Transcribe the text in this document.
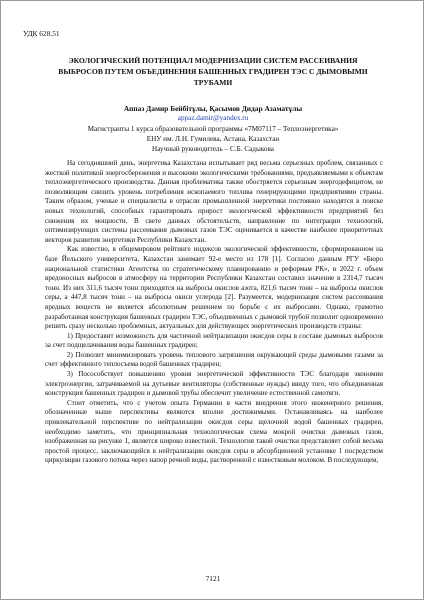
УДК 628.51
ЭКОЛОГИЧЕСКИЙ ПОТЕНЦИАЛ МОДЕРНИЗАЦИИ СИСТЕМ РАССЕИВАНИЯ ВЫБРОСОВ ПУТЕМ ОБЪЕДИНЕНИЯ БАШЕННЫХ ГРАДИРЕН ТЭС С ДЫМОВЫМИ ТРУБАМИ
Аппаз Дамир Бейбітұлы, Қасымов Дидар Азаматұлы
appaz.damir@yandex.ru
Магистранты 1 курса образовательной программы «7M07117 – Теплоэнергетика»
ЕНУ им. Л.Н. Гумилева, Астана, Казахстан
Научный руководитель – С.Б. Садыкова

На сегодняшний день, энергетика Казахстана испытывает ряд весьма серьезных проблем, связанных с жесткой политикой энергосбережения и высокими экологическими требованиями, предъявляемыми к объектам теплоэнергетического производства. Данная проблематика также обостряется серьезным энергодефицитом, не позволяющим снизить уровень потребления ископаемого топлива генерирующими предприятиями страны. Таким образом, ученые и специалисты в отрасли промышленной энергетики постоянно находятся в поиске новых технологий, способных гарантировать прирост экологической эффективности предприятий без снижения их мощности. В свете данных обстоятельств, направление по интеграции технологий, оптимизирующих системы рассеивания дымовых газов ТЭС оценивается в качестве наиболее приоритетных векторов развития энергетики Республики Казахстан.

Как известно, в общемировом рейтинге индексов экологической эффективности, сформированном на базе Йельского университета, Казахстан занимает 92-е место из 178 [1]. Согласно данным РГУ «Бюро национальной статистики Агентства по стратегическому планированию и реформам РК», в 2022 г. объем вредоносных выбросов в атмосферу на территории Республики Казахстан составил значение в 2314,7 тысяч тонн. Из них 311,6 тысяч тонн приходятся на выбросы окислов азота, 821,6 тысяч тонн – на выбросы окислов серы, а 447,8 тысяч тонн – на выбросы окиси углерода [2]. Разумеется, модернизация систем рассеивания вредных веществ не является абсолютным решением по борьбе с их выбросами. Однако, грамотно разработанная конструкция башенных градирен ТЭС, объединенных с дымовой трубой позволит одновременно решить сразу несколько проблемных, актуальных для действующих энергетических производств страны:

1) Предоставит возможность для частичной нейтрализации окисдов серы в составе дымовых выбросов за счет подщелачивания воды башенных градирен;

2) Позволит минимизировать уровень теплового загрязнения окружающей среды дымовыми газами за счет эффективного теплосъема водой башенных градирен;

3) Посособствует повышению уровня энергетической эффективности ТЭС благодаря экономии электроэнергии, затрачиваемой на дутьевые вентиляторы (собственные нужды) ввиду того, что объединенная конструкция башенных градирен и дымовой трубы обеспечит увеличение естественной самотяги.

Стоит отметить, что с учетом опыта Германии в части внедрения этого инженерного решения, обозначенные выше перспективы являются вполне достижимыми. Останавливаясь на наиболее привлекательной перспективе по нейтрализации окисдов серы щелочной водой башенных градирен, необходимо заметить, что принципиальная технологическая схема мокрой очистки дымовых газов, изображенная на рисунке 1, является широко известной. Технология такой очистки представляет собой весьма простой процесс, заключающийся в нейтрализации окисдов серы в абсорбционной установке 1 посредством циркуляции газового потока через напор речной воды, растворенной с известковым молоком. В последующем,

7121
